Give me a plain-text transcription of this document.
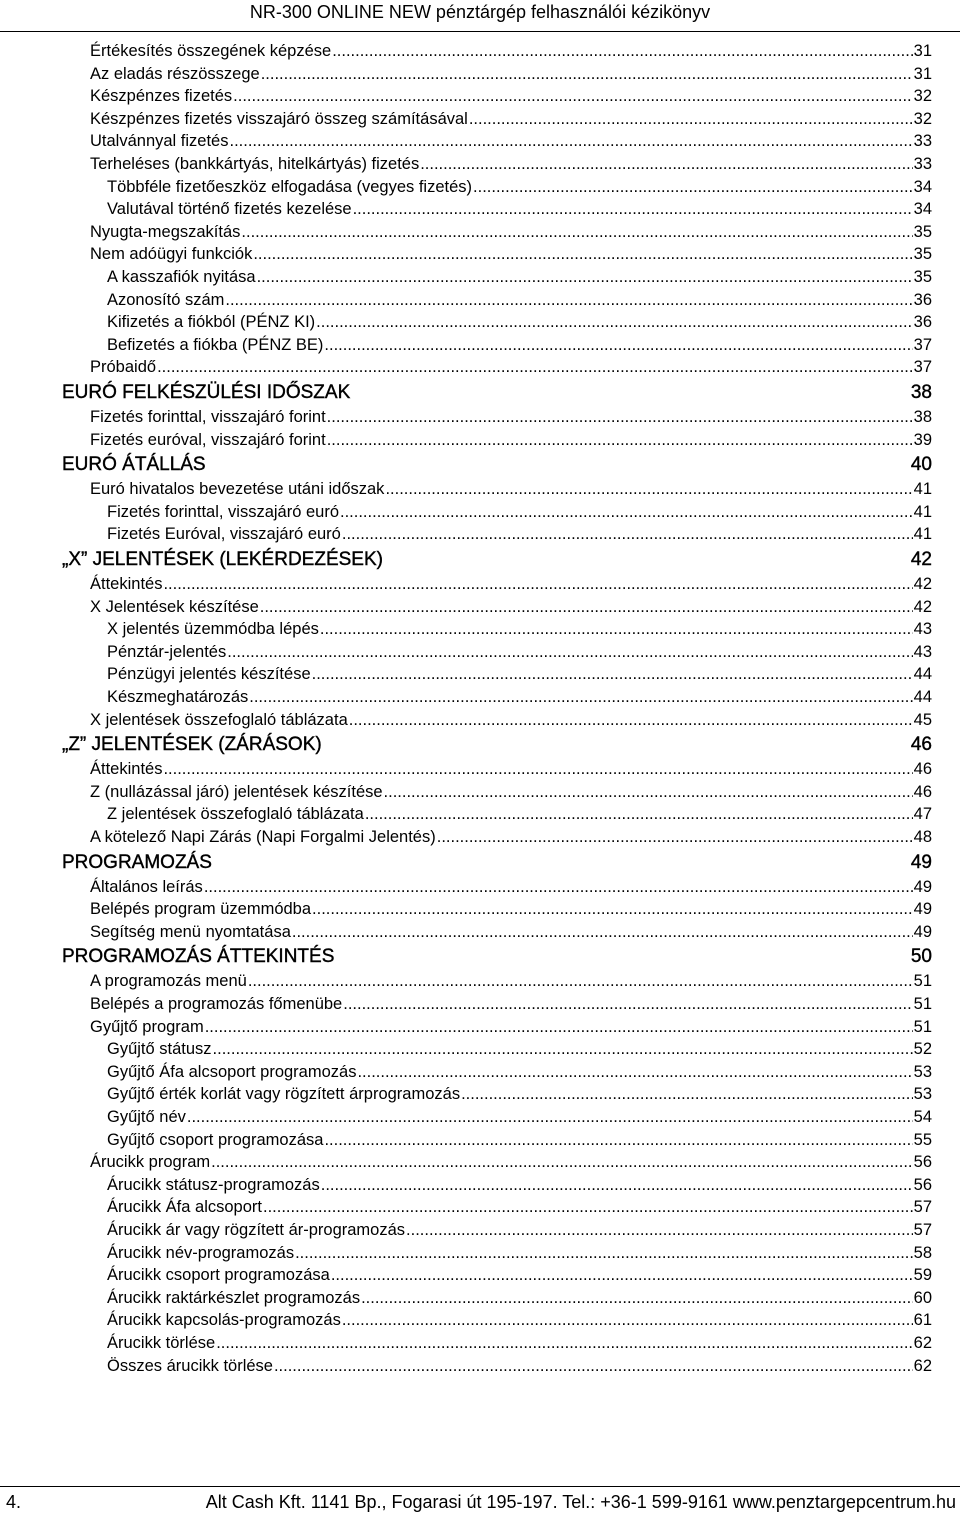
NR-300 ONLINE NEW pénztárgép felhasználói kézikönyv
Értékesítés összegének képzése .....	31
Az eladás részösszege .....	31
Készpénzes fizetés .....	32
Készpénzes fizetés visszajáró összeg számításával .....	32
Utalvánnyal fizetés .....	33
Terheléses (bankkártyás, hitelkártyás) fizetés .....	33
Többféle fizetőeszköz elfogadása (vegyes fizetés) .....	34
Valutával történő fizetés kezelése .....	34
Nyugta-megszakítás .....	35
Nem adóügyi funkciók .....	35
A kasszafiók nyitása .....	35
Azonosító szám .....	36
Kifizetés a fiókból (PÉNZ KI) .....	36
Befizetés a fiókba (PÉNZ BE) .....	37
Próbaidő .....	37
EURÓ FELKÉSZÜLÉSI IDŐSZAK	38
Fizetés forinttal, visszajáró forint .....	38
Fizetés euróval, visszajáró forint .....	39
EURÓ ÁTÁLLÁS	40
Euró hivatalos bevezetése utáni időszak .....	41
Fizetés forinttal, visszajáró euró .....	41
Fizetés Euróval, visszajáró euró .....	41
„X” JELENTÉSEK (LEKÉRDEZÉSEK)	42
Áttekintés .....	42
X Jelentések készítése .....	42
X jelentés üzemmódba lépés .....	43
Pénztár-jelentés .....	43
Pénzügyi jelentés készítése .....	44
Készmeghatározás .....	44
X jelentések összefoglaló táblázata .....	45
„Z” JELENTÉSEK (ZÁRÁSOK)	46
Áttekintés .....	46
Z (nullázással járó) jelentések készítése .....	46
Z jelentések összefoglaló táblázata .....	47
A kötelező Napi Zárás (Napi Forgalmi Jelentés) .....	48
PROGRAMOZÁS	49
Általános leírás .....	49
Belépés program üzemmódba .....	49
Segítség menü nyomtatása .....	49
PROGRAMOZÁS ÁTTEKINTÉS	50
A programozás menü .....	51
Belépés a programozás főmenübe .....	51
Gyűjtő program .....	51
Gyűjtő státusz .....	52
Gyűjtő Áfa alcsoport programozás .....	53
Gyűjtő érték korlát vagy rögzített árprogramozás .....	53
Gyűjtő név .....	54
Gyűjtő csoport programozása .....	55
Árucikk program .....	56
Árucikk státusz-programozás .....	56
Árucikk Áfa alcsoport .....	57
Árucikk ár vagy rögzített ár-programozás .....	57
Árucikk név-programozás .....	58
Árucikk csoport programozása .....	59
Árucikk raktárkészlet programozás .....	60
Árucikk kapcsolás-programozás .....	61
Árucikk törlése .....	62
Összes árucikk törlése .....	62
4.	Alt Cash Kft. 1141 Bp., Fogarasi út 195-197. Tel.: +36-1 599-9161 www.penztargepcentrum.hu
